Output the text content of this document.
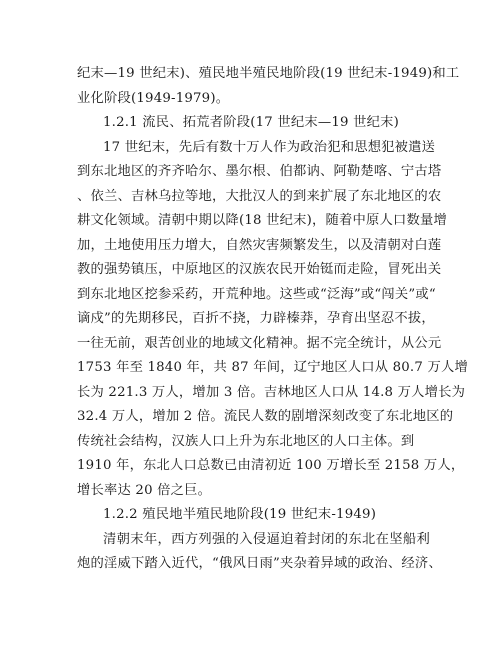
纪末—19 世纪末)、殖民地半殖民地阶段(19 世纪末-1949)和工
业化阶段(1949-1979)。
1.2.1 流民、拓荒者阶段(17 世纪末—19 世纪末)
17 世纪末，先后有数十万人作为政治犯和思想犯被遣送
到东北地区的齐齐哈尔、墨尔根、伯都讷、阿勒楚喀、宁古塔
、依兰、吉林乌拉等地，大批汉人的到来扩展了东北地区的农
耕文化领域。清朝中期以降(18 世纪末)，随着中原人口数量增
加，土地使用压力增大，自然灾害频繁发生，以及清朝对白莲
教的强势镇压，中原地区的汉族农民开始铤而走险，冒死出关
到东北地区挖参采药，开荒种地。这些或“泛海”或“闯关”或“
谪戍”的先期移民，百折不挠，力辟榛莽，孕育出坚忍不拔，
一往无前，艰苦创业的地域文化精神。据不完全统计，从公元
1753 年至 1840 年，共 87 年间，辽宁地区人口从 80.7 万人增
长为 221.3 万人，增加 3 倍。吉林地区人口从 14.8 万人增长为
32.4 万人，增加 2 倍。流民人数的剧增深刻改变了东北地区的
传统社会结构，汉族人口上升为东北地区的人口主体。到
1910 年，东北人口总数已由清初近 100 万增长至 2158 万人，
增长率达 20 倍之巨。
1.2.2 殖民地半殖民地阶段(19 世纪末-1949)
清朝末年，西方列强的入侵逼迫着封闭的东北在坚船利
炮的淫威下踏入近代，“俄风日雨”夹杂着异域的政治、经济、
